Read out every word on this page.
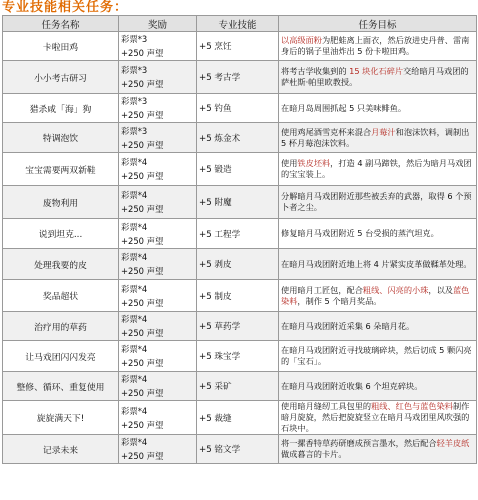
专业技能相关任务：
任务名称	奖励	专业技能	任务目标
卡啦田鸡	彩票*3
+250 声望	+5 烹饪	以高级面粉为肥蛙离上面衣，然后放进史丹普、雷南身后的锅子里油炸出 5 份卡啦田鸡。
小小考古研习	彩票*3
+250 声望	+5 考古学	将考古学收集到的 15 块化石碎片交给暗月马戏团的萨杜斯·帕里欧教授。
猎杀咸「海」狗	彩票*3
+250 声望	+5 钓鱼	在暗月岛周围抓起 5 只美味鲱鱼。
特调泡饮	彩票*3
+250 声望	+5 炼金术	使用鸡尾酒雪克杯来混合月莓汁和泡沫饮料，调制出 5 杯月莓泡沫饮料。
宝宝需要两双新鞋	彩票*4
+250 声望	+5 锻造	使用铁皮坯料，打造 4 副马蹄铁，然后为暗月马戏团的宝宝装上。
废物利用	彩票*4
+250 声望	+5 附魔	分解暗月马戏团附近那些被丢弃的武器，取得 6 个预卜者之尘。
说到坦克...	彩票*4
+250 声望	+5 工程学	修复暗月马戏团附近 5 台受损的蒸汽坦克。
处理我要的皮	彩票*4
+250 声望	+5 剥皮	在暗月马戏团附近地上将 4 片紧实皮革做鞣革处理。
奖品超状	彩票*4
+250 声望	+5 制皮	使用暗月工匠包，配合粗线、闪亮的小珠，以及蓝色染料，制作 5 个暗月奖品。
治疗用的草药	彩票*4
+250 声望	+5 草药学	在暗月马戏团附近采集 6 朵暗月花。
让马戏团闪闪发亮	彩票*4
+250 声望	+5 珠宝学	在暗月马戏团附近寻找玻璃碎块，然后切成 5 颗闪亮的「宝石」。
整修、循环、重复使用	彩票*4
+250 声望	+5 采矿	在暗月马戏团附近收集 6 个坦克碎块。
旋旋满天下!	彩票*4
+250 声望	+5 裁缝	使用暗月缝纫工具包里的粗线、红色与蓝色染料制作暗月旋旋，然后把旋旋竖立在暗月马戏团里风吹强的石块中。
记录未来	彩票*4
+250 声望	+5 铭文学	将一摞香特草药研磨成预言墨水，然后配合轻羊皮纸做成暮言的卡片。
